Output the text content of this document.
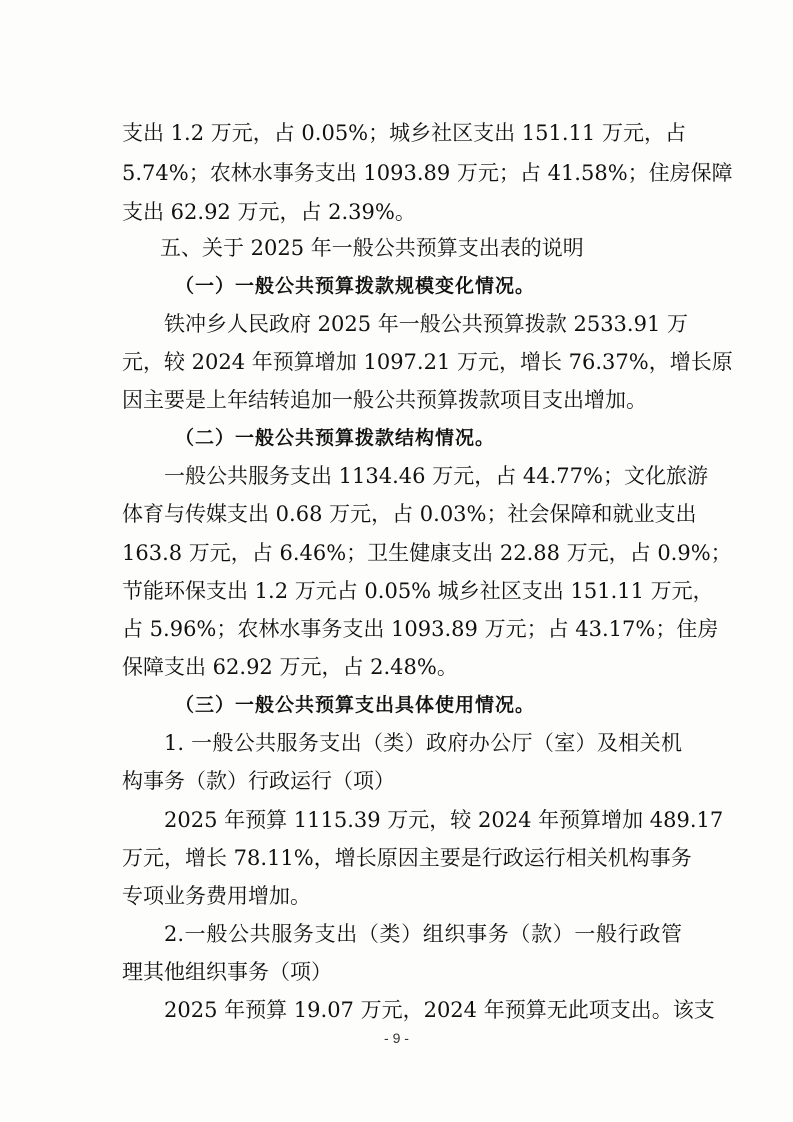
支出 1.2 万元，占 0.05%；城乡社区支出 151.11 万元，占
5.74%；农林水事务支出 1093.89 万元；占 41.58%；住房保障
支出 62.92 万元，占 2.39%。
五、关于 2025 年一般公共预算支出表的说明
（一）一般公共预算拨款规模变化情况。
铁冲乡人民政府 2025 年一般公共预算拨款 2533.91 万
元，较 2024 年预算增加 1097.21 万元，增长 76.37%，增长原
因主要是上年结转追加一般公共预算拨款项目支出增加。
（二）一般公共预算拨款结构情况。
一般公共服务支出 1134.46 万元，占 44.77%；文化旅游
体育与传媒支出 0.68 万元，占 0.03%；社会保障和就业支出
163.8 万元，占 6.46%；卫生健康支出 22.88 万元，占 0.9%；
节能环保支出 1.2 万元占 0.05% 城乡社区支出 151.11 万元，
占 5.96%；农林水事务支出 1093.89 万元；占 43.17%；住房
保障支出 62.92 万元，占 2.48%。
（三）一般公共预算支出具体使用情况。
1. 一般公共服务支出（类）政府办公厅（室）及相关机
构事务（款）行政运行（项）
2025 年预算 1115.39 万元，较 2024 年预算增加 489.17
万元，增长 78.11%，增长原因主要是行政运行相关机构事务
专项业务费用增加。
2.一般公共服务支出（类）组织事务（款）一般行政管
理其他组织事务（项）
2025 年预算 19.07 万元，2024 年预算无此项支出。该支
- 9 -
